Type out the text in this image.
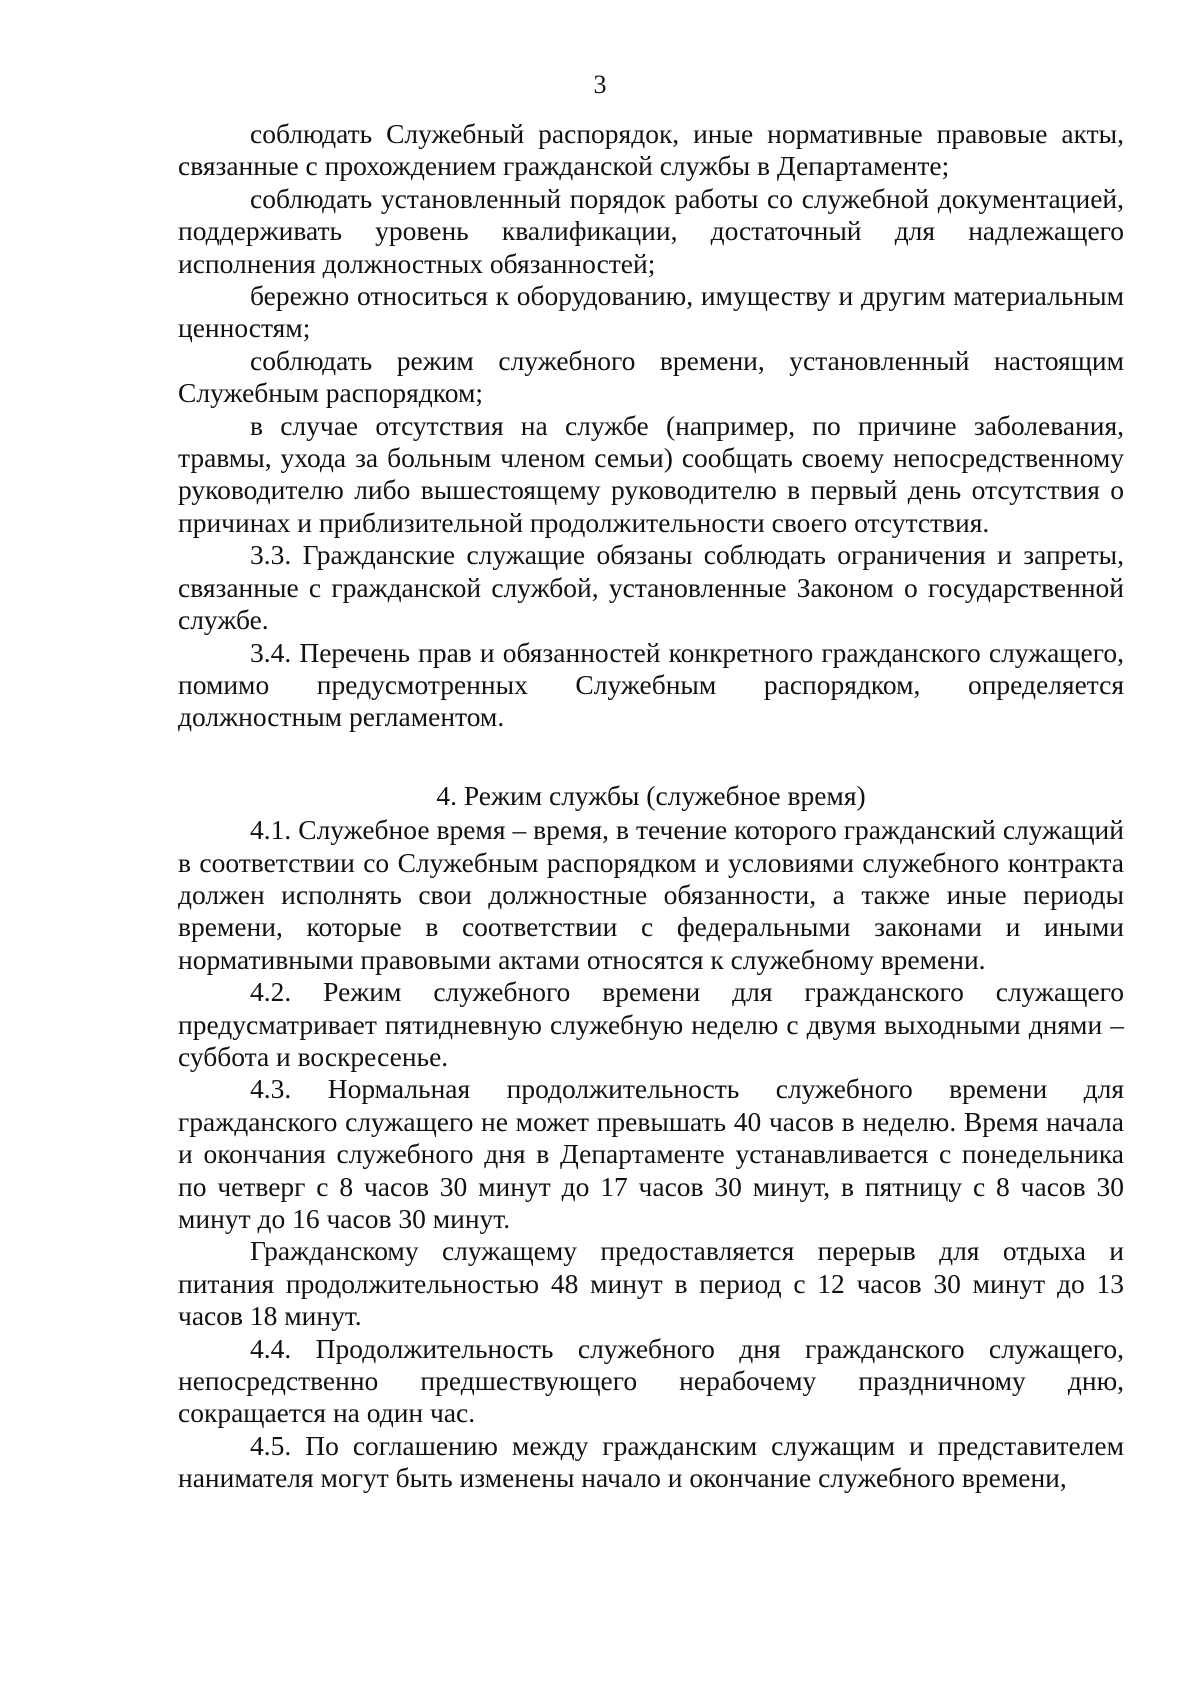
3

соблюдать Служебный распорядок, иные нормативные правовые акты, связанные с прохождением гражданской службы в Департаменте;

соблюдать установленный порядок работы со служебной документацией, поддерживать уровень квалификации, достаточный для надлежащего исполнения должностных обязанностей;

бережно относиться к оборудованию, имуществу и другим материальным ценностям;

соблюдать режим служебного времени, установленный настоящим Служебным распорядком;

в случае отсутствия на службе (например, по причине заболевания, травмы, ухода за больным членом семьи) сообщать своему непосредственному руководителю либо вышестоящему руководителю в первый день отсутствия о причинах и приблизительной продолжительности своего отсутствия.

3.3. Гражданские служащие обязаны соблюдать ограничения и запреты, связанные с гражданской службой, установленные Законом о государственной службе.

3.4. Перечень прав и обязанностей конкретного гражданского служащего, помимо предусмотренных Служебным распорядком, определяется должностным регламентом.

4. Режим службы (служебное время)

4.1. Служебное время – время, в течение которого гражданский служащий в соответствии со Служебным распорядком и условиями служебного контракта должен исполнять свои должностные обязанности, а также иные периоды времени, которые в соответствии с федеральными законами и иными нормативными правовыми актами относятся к служебному времени.

4.2. Режим служебного времени для гражданского служащего предусматривает пятидневную служебную неделю с двумя выходными днями – суббота и воскресенье.

4.3. Нормальная продолжительность служебного времени для гражданского служащего не может превышать 40 часов в неделю. Время начала и окончания служебного дня в Департаменте устанавливается с понедельника по четверг с 8 часов 30 минут до 17 часов 30 минут, в пятницу с 8 часов 30 минут до 16 часов 30 минут.

Гражданскому служащему предоставляется перерыв для отдыха и питания продолжительностью 48 минут в период с 12 часов 30 минут до 13 часов 18 минут.

4.4. Продолжительность служебного дня гражданского служащего, непосредственно предшествующего нерабочему праздничному дню, сокращается на один час.

4.5. По соглашению между гражданским служащим и представителем нанимателя могут быть изменены начало и окончание служебного времени,
